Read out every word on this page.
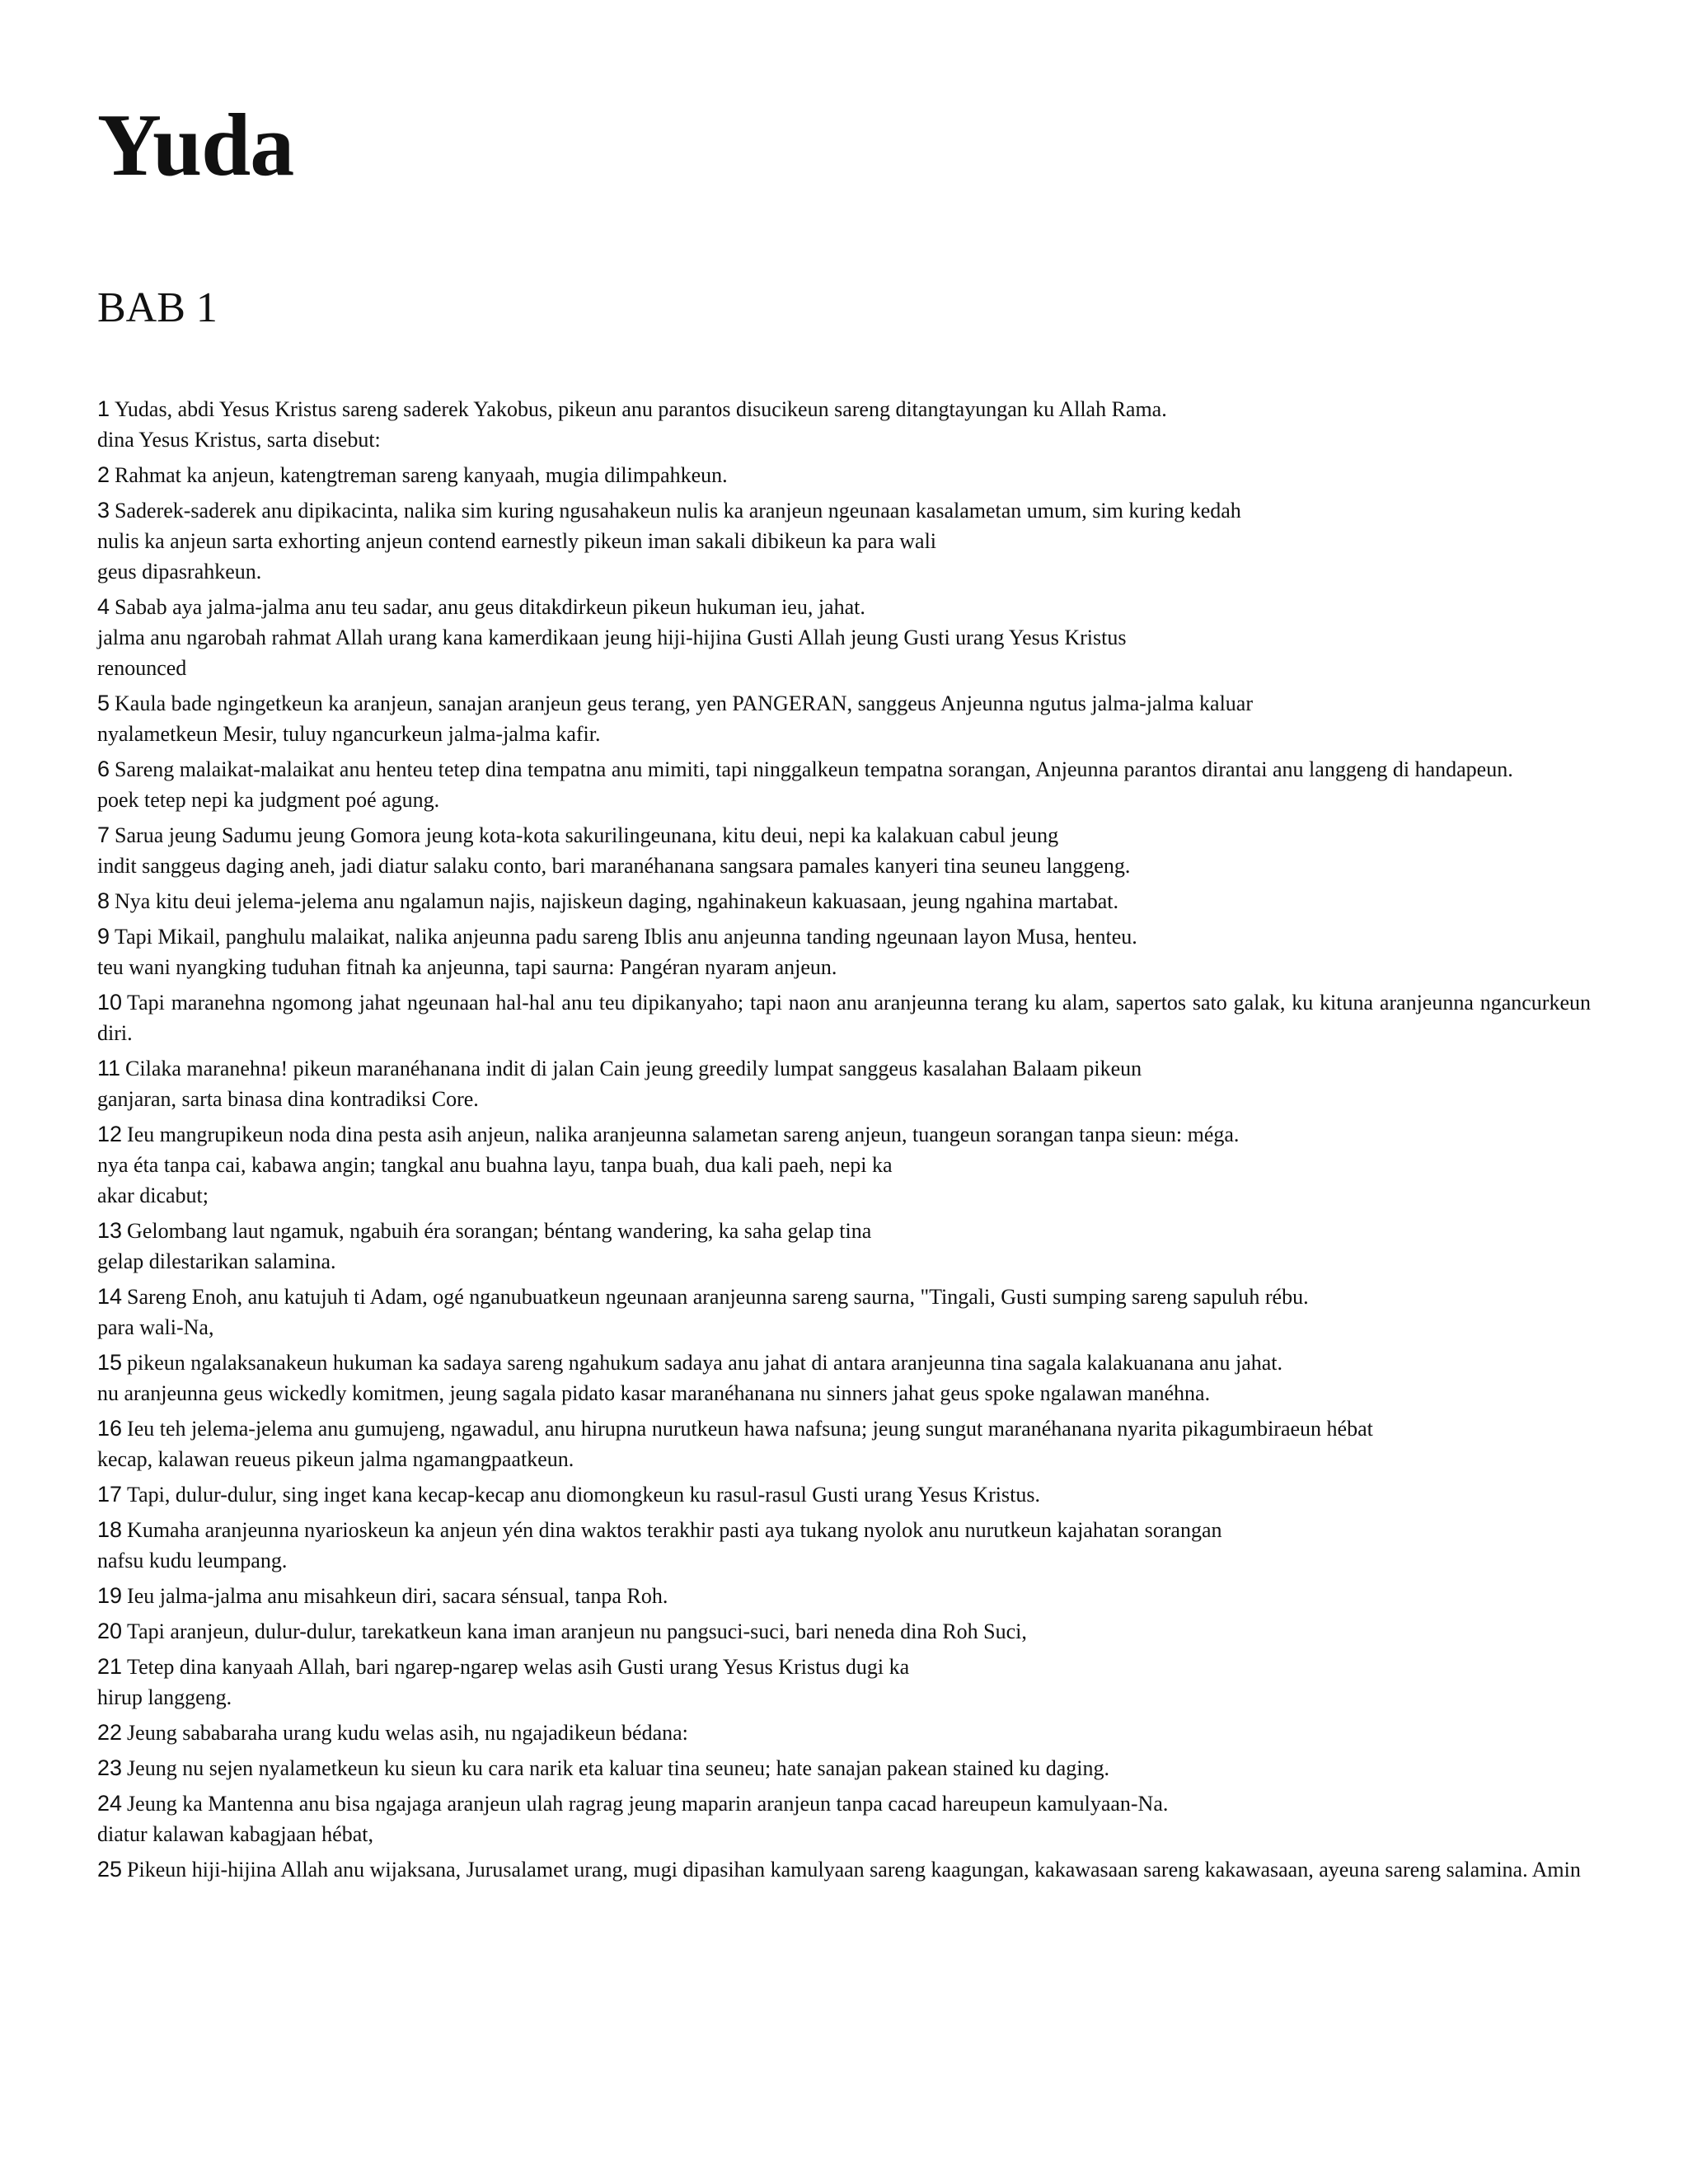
Yuda
BAB 1

1 Yudas, abdi Yesus Kristus sareng saderek Yakobus, pikeun anu parantos disucikeun sareng ditangtayungan ku Allah Rama.
dina Yesus Kristus, sarta disebut:

2 Rahmat ka anjeun, katengtreman sareng kanyaah, mugia dilimpahkeun.

3 Saderek-saderek anu dipikacinta, nalika sim kuring ngusahakeun nulis ka aranjeun ngeunaan kasalametan umum, sim kuring kedah
nulis ka anjeun sarta exhorting anjeun contend earnestly pikeun iman sakali dibikeun ka para wali
geus dipasrahkeun.

4 Sabab aya jalma-jalma anu teu sadar, anu geus ditakdirkeun pikeun hukuman ieu, jahat.
jalma anu ngarobah rahmat Allah urang kana kamerdikaan jeung hiji-hijina Gusti Allah jeung Gusti urang Yesus Kristus
renounced

5 Kaula bade ngingetkeun ka aranjeun, sanajan aranjeun geus terang, yen PANGERAN, sanggeus Anjeunna ngutus jalma-jalma kaluar
nyalametkeun Mesir, tuluy ngancurkeun jalma-jalma kafir.

6 Sareng malaikat-malaikat anu henteu tetep dina tempatna anu mimiti, tapi ninggalkeun tempatna sorangan, Anjeunna parantos dirantai anu langgeng di handapeun.
poek tetep nepi ka judgment poé agung.

7 Sarua jeung Sadumu jeung Gomora jeung kota-kota sakurilingeunana, kitu deui, nepi ka kalakuan cabul jeung
indit sanggeus daging aneh, jadi diatur salaku conto, bari maranéhanana sangsara pamales kanyeri tina seuneu langgeng.

8 Nya kitu deui jelema-jelema anu ngalamun najis, najiskeun daging, ngahinakeun kakuasaan, jeung ngahina martabat.

9 Tapi Mikail, panghulu malaikat, nalika anjeunna padu sareng Iblis anu anjeunna tanding ngeunaan layon Musa, henteu.
teu wani nyangking tuduhan fitnah ka anjeunna, tapi saurna: Pangéran nyaram anjeun.

10 Tapi maranehna ngomong jahat ngeunaan hal-hal anu teu dipikanyaho; tapi naon anu aranjeunna terang ku alam, sapertos sato galak, ku kituna aranjeunna ngancurkeun diri.

11 Cilaka maranehna! pikeun maranéhanana indit di jalan Cain jeung greedily lumpat sanggeus kasalahan Balaam pikeun
ganjaran, sarta binasa dina kontradiksi Core.

12 Ieu mangrupikeun noda dina pesta asih anjeun, nalika aranjeunna salametan sareng anjeun, tuangeun sorangan tanpa sieun: méga.
nya éta tanpa cai, kabawa angin; tangkal anu buahna layu, tanpa buah, dua kali paeh, nepi ka
akar dicabut;

13 Gelombang laut ngamuk, ngabuih éra sorangan; béntang wandering, ka saha gelap tina
gelap dilestarikan salamina.

14 Sareng Enoh, anu katujuh ti Adam, ogé nganubuatkeun ngeunaan aranjeunna sareng saurna, "Tingali, Gusti sumping sareng sapuluh rébu.
para wali-Na,

15 pikeun ngalaksanakeun hukuman ka sadaya sareng ngahukum sadaya anu jahat di antara aranjeunna tina sagala kalakuanana anu jahat.
nu aranjeunna geus wickedly komitmen, jeung sagala pidato kasar maranéhanana nu sinners jahat geus spoke ngalawan manéhna.

16 Ieu teh jelema-jelema anu gumujeng, ngawadul, anu hirupna nurutkeun hawa nafsuna; jeung sungut maranéhanana nyarita pikagumbiraeun hébat
kecap, kalawan reueus pikeun jalma ngamangpaatkeun.

17 Tapi, dulur-dulur, sing inget kana kecap-kecap anu diomongkeun ku rasul-rasul Gusti urang Yesus Kristus.

18 Kumaha aranjeunna nyarioskeun ka anjeun yén dina waktos terakhir pasti aya tukang nyolok anu nurutkeun kajahatan sorangan
nafsu kudu leumpang.

19 Ieu jalma-jalma anu misahkeun diri, sacara sénsual, tanpa Roh.

20 Tapi aranjeun, dulur-dulur, tarekatkeun kana iman aranjeun nu pangsuci-suci, bari neneda dina Roh Suci,

21 Tetep dina kanyaah Allah, bari ngarep-ngarep welas asih Gusti urang Yesus Kristus dugi ka
hirup langgeng.

22 Jeung sababaraha urang kudu welas asih, nu ngajadikeun bédana:

23 Jeung nu sejen nyalametkeun ku sieun ku cara narik eta kaluar tina seuneu; hate sanajan pakean stained ku daging.

24 Jeung ka Mantenna anu bisa ngajaga aranjeun ulah ragrag jeung maparin aranjeun tanpa cacad hareupeun kamulyaan-Na.
diatur kalawan kabagjaan hébat,

25 Pikeun hiji-hijina Allah anu wijaksana, Jurusalamet urang, mugi dipasihan kamulyaan sareng kaagungan, kakawasaan sareng kakawasaan, ayeuna sareng salamina. Amin
